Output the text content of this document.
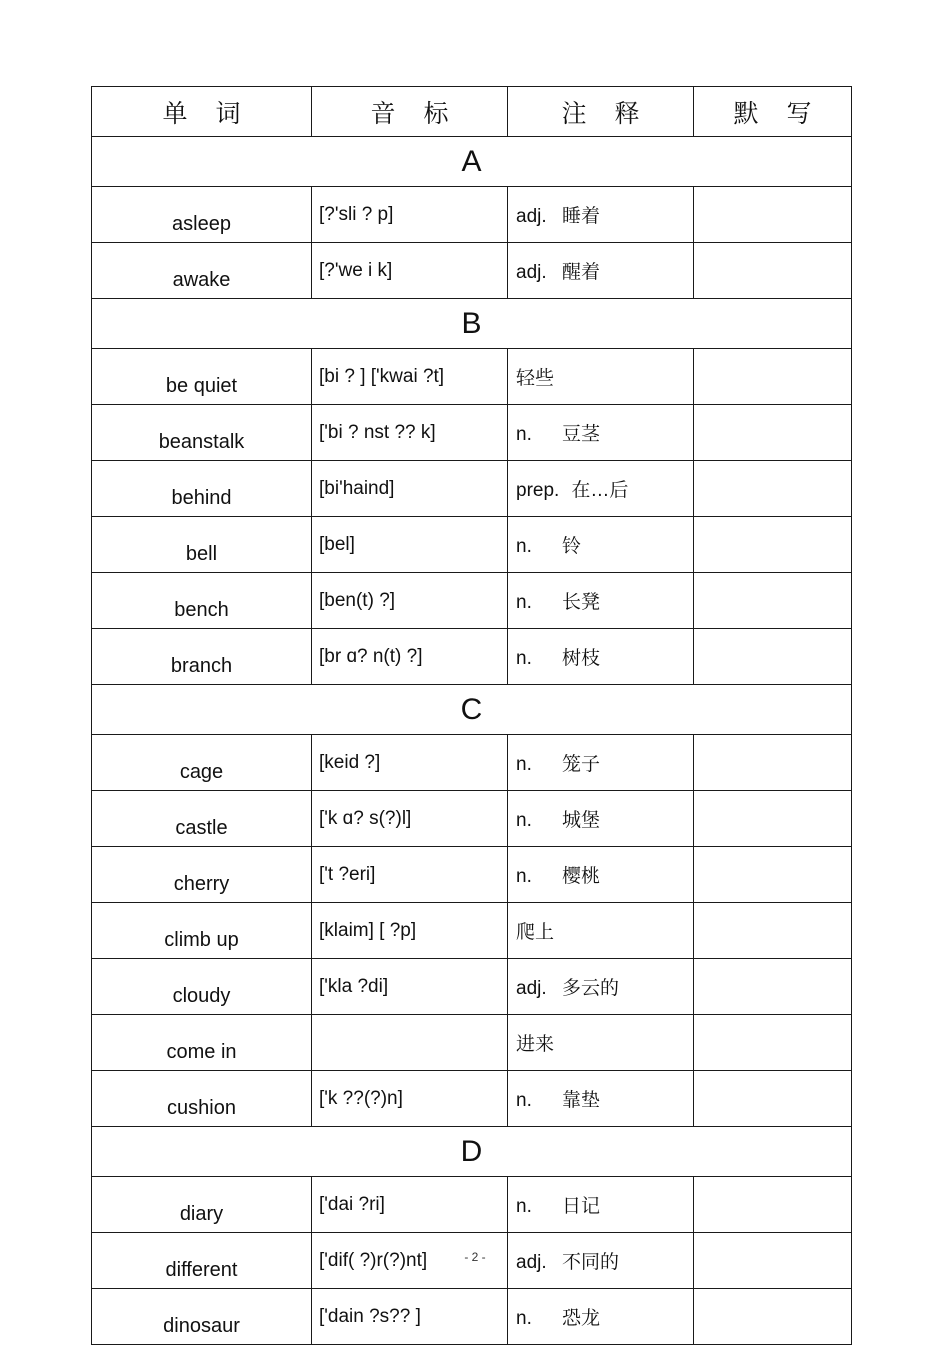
单词	音标	注释	默写
A			
asleep	[?'sli ? p]	adj. 睡着	
awake	[?'we i k]	adj. 醒着	
B			
be quiet	[bi ? ] ['kwai ?t]	轻些	
beanstalk	['bi ? nst ?? k]	n. 豆茎	
behind	[bi'haind]	prep. 在…后	
bell	[bel]	n. 铃	
bench	[ben(t) ?]	n. 长凳	
branch	[br ɑ? n(t) ?]	n. 树枝	
C			
cage	[keid ?]	n. 笼子	
castle	['k ɑ? s(?)l]	n. 城堡	
cherry	['t ?eri]	n. 樱桃	
climb up	[klaim] [ ?p]	爬上	
cloudy	['kla ?di]	adj. 多云的	
come in		进来	
cushion	['k ??(?)n]	n. 靠垫	
D			
diary	['dai ?ri]	n. 日记	
different	['dif( ?)r(?)nt]	adj. 不同的	
dinosaur	['dain ?s?? ]	n. 恐龙	
- 2 -
